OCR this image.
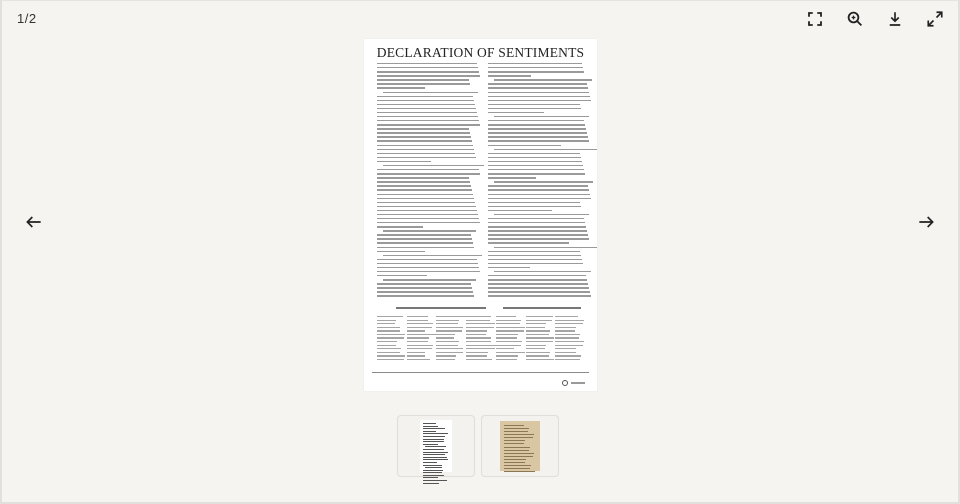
1/2
DECLARATION OF SENTIMENTS
